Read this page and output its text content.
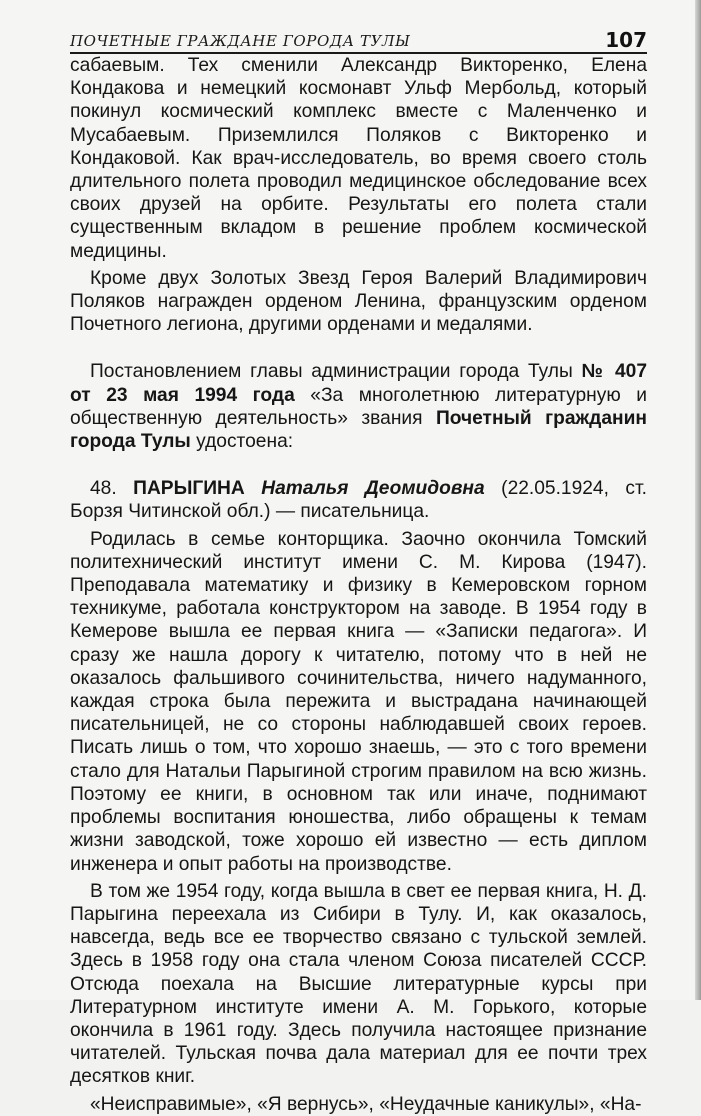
ПОЧЕТНЫЕ ГРАЖДАНЕ ГОРОДА ТУЛЫ	107

сабаевым. Тех сменили Александр Викторенко, Елена Кондакова и немецкий космонавт Ульф Мербольд, который покинул космический комплекс вместе с Маленченко и Мусабаевым. Приземлился Поляков с Викторенко и Кондаковой. Как врач-исследователь, во время своего столь длительного полета проводил медицинское обследование всех своих друзей на орбите. Результаты его полета стали существенным вкладом в решение проблем космической медицины.

Кроме двух Золотых Звезд Героя Валерий Владимирович Поляков награжден орденом Ленина, французским орденом Почетного легиона, другими орденами и медалями.

Постановлением главы администрации города Тулы № 407 от 23 мая 1994 года «За многолетнюю литературную и общественную деятельность» звания Почетный гражданин города Тулы удостоена:

48. ПАРЫГИНА Наталья Деомидовна (22.05.1924, ст. Борзя Читинской обл.) — писательница.

Родилась в семье конторщика. Заочно окончила Томский политехнический институт имени С. М. Кирова (1947). Преподавала математику и физику в Кемеровском горном техникуме, работала конструктором на заводе. В 1954 году в Кемерове вышла ее первая книга — «Записки педагога». И сразу же нашла дорогу к читателю, потому что в ней не оказалось фальшивого сочинительства, ничего надуманного, каждая строка была пережита и выстрадана начинающей писательницей, не со стороны наблюдавшей своих героев. Писать лишь о том, что хорошо знаешь, — это с того времени стало для Натальи Парыгиной строгим правилом на всю жизнь. Поэтому ее книги, в основном так или иначе, поднимают проблемы воспитания юношества, либо обращены к темам жизни заводской, тоже хорошо ей известно — есть диплом инженера и опыт работы на производстве.

В том же 1954 году, когда вышла в свет ее первая книга, Н. Д. Парыгина переехала из Сибири в Тулу. И, как оказалось, навсегда, ведь все ее творчество связано с тульской землей. Здесь в 1958 году она стала членом Союза писателей СССР. Отсюда поехала на Высшие литературные курсы при Литературном институте имени А. М. Горького, которые окончила в 1961 году. Здесь получила настоящее признание читателей. Тульская почва дала материал для ее почти трех десятков книг.

«Неисправимые», «Я вернусь», «Неудачные каникулы», «На-
